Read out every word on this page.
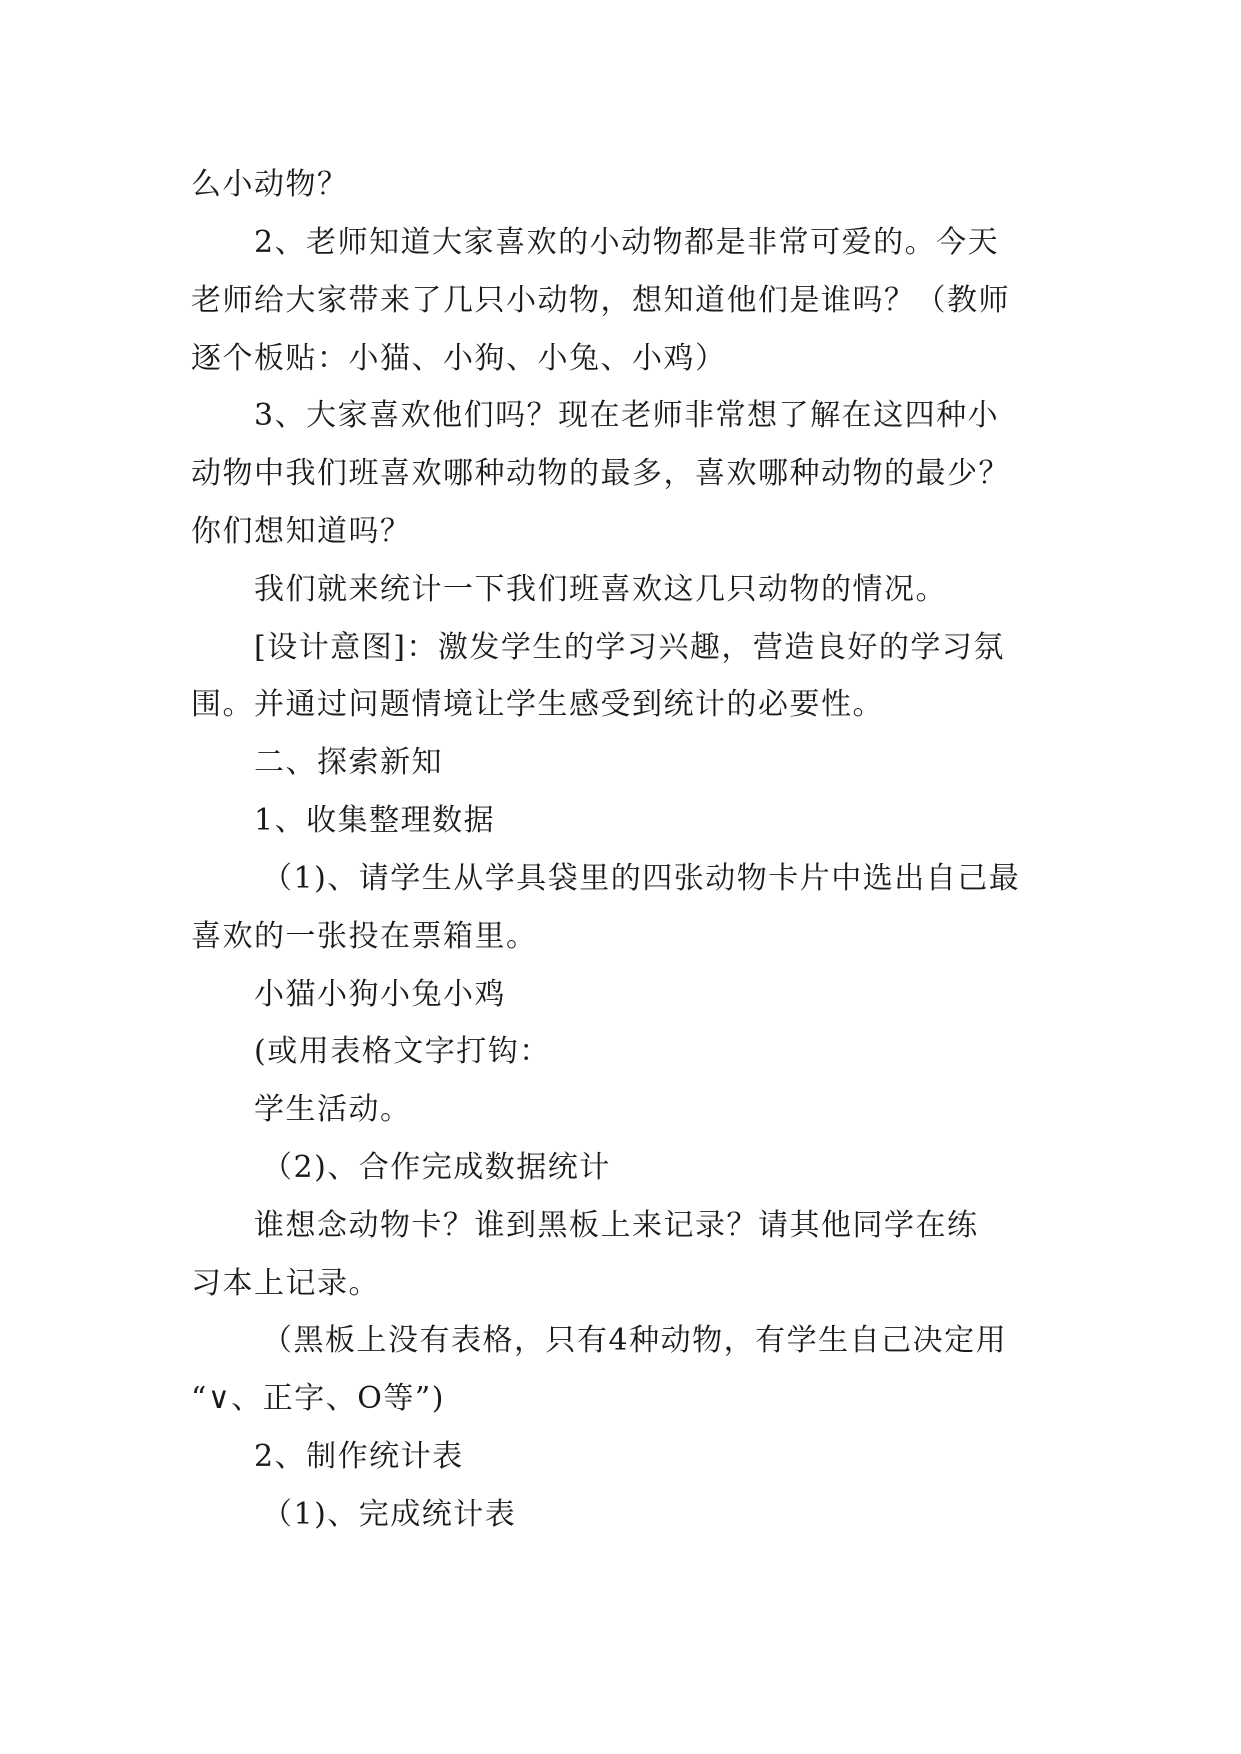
么小动物？
2、老师知道大家喜欢的小动物都是非常可爱的。今天
老师给大家带来了几只小动物，想知道他们是谁吗？（教师
逐个板贴：小猫、小狗、小兔、小鸡）
3、大家喜欢他们吗？现在老师非常想了解在这四种小
动物中我们班喜欢哪种动物的最多，喜欢哪种动物的最少？
你们想知道吗？
我们就来统计一下我们班喜欢这几只动物的情况。
[设计意图]：激发学生的学习兴趣，营造良好的学习氛
围。并通过问题情境让学生感受到统计的必要性。
二、探索新知
1、收集整理数据
（1)、请学生从学具袋里的四张动物卡片中选出自己最
喜欢的一张投在票箱里。
小猫小狗小兔小鸡
(或用表格文字打钩：
学生活动。
（2)、合作完成数据统计
谁想念动物卡？谁到黑板上来记录？请其他同学在练
习本上记录。
（黑板上没有表格，只有4种动物，有学生自己决定用
“∨、正字、O等”)
2、制作统计表
（1)、完成统计表
